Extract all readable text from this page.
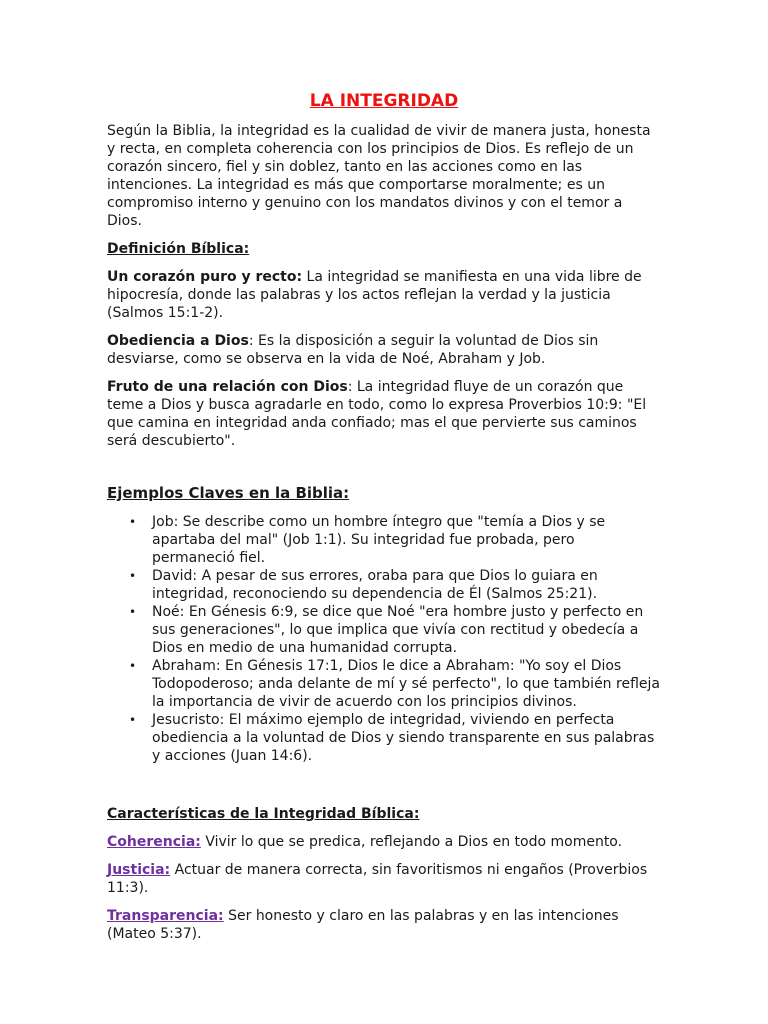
LA INTEGRIDAD

Según la Biblia, la integridad es la cualidad de vivir de manera justa, honesta y recta, en completa coherencia con los principios de Dios. Es reflejo de un corazón sincero, fiel y sin doblez, tanto en las acciones como en las intenciones. La integridad es más que comportarse moralmente; es un compromiso interno y genuino con los mandatos divinos y con el temor a Dios.

Definición Bíblica:

Un corazón puro y recto: La integridad se manifiesta en una vida libre de hipocresía, donde las palabras y los actos reflejan la verdad y la justicia (Salmos 15:1-2).

Obediencia a Dios: Es la disposición a seguir la voluntad de Dios sin desviarse, como se observa en la vida de Noé, Abraham y Job.

Fruto de una relación con Dios: La integridad fluye de un corazón que teme a Dios y busca agradarle en todo, como lo expresa Proverbios 10:9: "El que camina en integridad anda confiado; mas el que pervierte sus caminos será descubierto".

Ejemplos Claves en la Biblia:
• Job: Se describe como un hombre íntegro que "temía a Dios y se apartaba del mal" (Job 1:1). Su integridad fue probada, pero permaneció fiel.
• David: A pesar de sus errores, oraba para que Dios lo guiara en integridad, reconociendo su dependencia de Él (Salmos 25:21).
• Noé: En Génesis 6:9, se dice que Noé "era hombre justo y perfecto en sus generaciones", lo que implica que vivía con rectitud y obedecía a Dios en medio de una humanidad corrupta.
• Abraham: En Génesis 17:1, Dios le dice a Abraham: "Yo soy el Dios Todopoderoso; anda delante de mí y sé perfecto", lo que también refleja la importancia de vivir de acuerdo con los principios divinos.
• Jesucristo: El máximo ejemplo de integridad, viviendo en perfecta obediencia a la voluntad de Dios y siendo transparente en sus palabras y acciones (Juan 14:6).
Características de la Integridad Bíblica:

Coherencia: Vivir lo que se predica, reflejando a Dios en todo momento.

Justicia: Actuar de manera correcta, sin favoritismos ni engaños (Proverbios 11:3).

Transparencia: Ser honesto y claro en las palabras y en las intenciones (Mateo 5:37).
